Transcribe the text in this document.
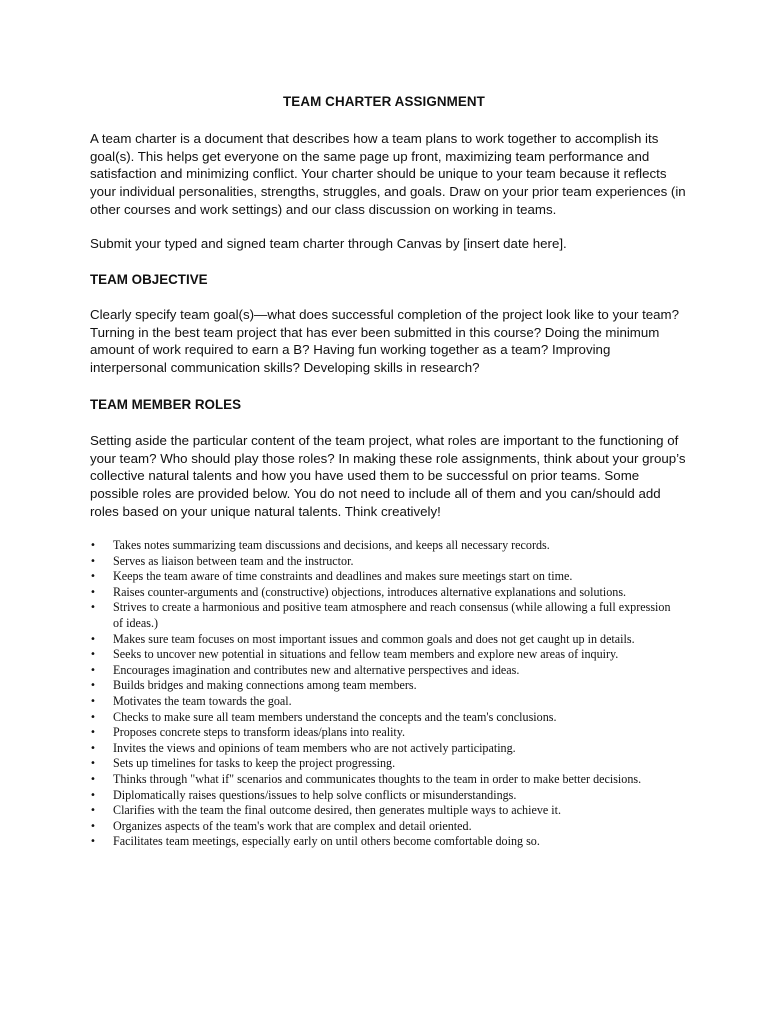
TEAM CHARTER ASSIGNMENT

A team charter is a document that describes how a team plans to work together to accomplish its goal(s). This helps get everyone on the same page up front, maximizing team performance and satisfaction and minimizing conflict. Your charter should be unique to your team because it reflects your individual personalities, strengths, struggles, and goals. Draw on your prior team experiences (in other courses and work settings) and our class discussion on working in teams.

Submit your typed and signed team charter through Canvas by [insert date here].

TEAM OBJECTIVE

Clearly specify team goal(s)—what does successful completion of the project look like to your team? Turning in the best team project that has ever been submitted in this course? Doing the minimum amount of work required to earn a B? Having fun working together as a team? Improving interpersonal communication skills? Developing skills in research?

TEAM MEMBER ROLES

Setting aside the particular content of the team project, what roles are important to the functioning of your team? Who should play those roles? In making these role assignments, think about your group’s collective natural talents and how you have used them to be successful on prior teams. Some possible roles are provided below. You do not need to include all of them and you can/should add roles based on your unique natural talents. Think creatively!

• Takes notes summarizing team discussions and decisions, and keeps all necessary records.
• Serves as liaison between team and the instructor.
• Keeps the team aware of time constraints and deadlines and makes sure meetings start on time.
• Raises counter-arguments and (constructive) objections, introduces alternative explanations and solutions.
• Strives to create a harmonious and positive team atmosphere and reach consensus (while allowing a full expression of ideas.)
• Makes sure team focuses on most important issues and common goals and does not get caught up in details.
• Seeks to uncover new potential in situations and fellow team members and explore new areas of inquiry.
• Encourages imagination and contributes new and alternative perspectives and ideas.
• Builds bridges and making connections among team members.
• Motivates the team towards the goal.
• Checks to make sure all team members understand the concepts and the team's conclusions.
• Proposes concrete steps to transform ideas/plans into reality.
• Invites the views and opinions of team members who are not actively participating.
• Sets up timelines for tasks to keep the project progressing.
• Thinks through "what if" scenarios and communicates thoughts to the team in order to make better decisions.
• Diplomatically raises questions/issues to help solve conflicts or misunderstandings.
• Clarifies with the team the final outcome desired, then generates multiple ways to achieve it.
• Organizes aspects of the team's work that are complex and detail oriented.
• Facilitates team meetings, especially early on until others become comfortable doing so.
